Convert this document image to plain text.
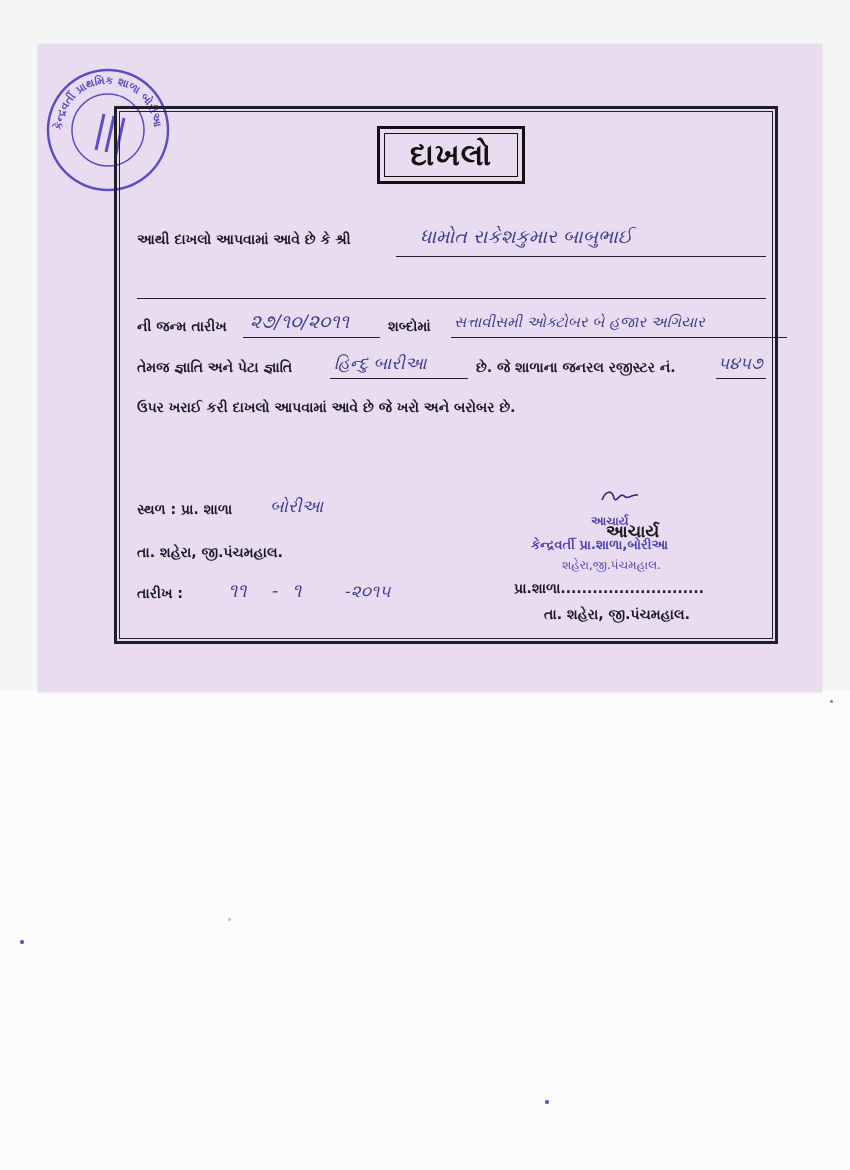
કેન્દ્રવર્તી પ્રાથમિક શાળા બોરીઆ
દાખલો
આથી દાખલો આપવામાં આવે છે કે શ્રી	ધામોત રાકેશકુમાર બાબુભાઈ
ની જન્મ તારીખ ૨૭/૧૦/૨૦૧૧	શબ્દોમાં સત્તાવીસમી ઓક્ટોબર બે હજાર અગિયાર
તેમજ જ્ઞાતિ અને પેટા જ્ઞાતિ હિન્દુ બારીઆ	છે. જે શાળાના જનરલ રજીસ્ટર નં. ૫૪૫૭
ઉપર ખરાઈ કરી દાખલો આપવામાં આવે છે જે ખરો અને બરોબર છે.
સ્થળ : પ્રા. શાળા બોરીઆ
તા. શહેરા, જી.પંચમહાલ.
તારીખ : ૧૧ - ૧	-૨૦૧૫
આચાર્ય
આચાર્ય
કેન્દ્રવર્તી પ્રા.શાળા,બોરીઆ
શહેરા,જી.પંચમહાલ.
પ્રા.શાળા...........................
તા. શહેરા, જી.પંચમહાલ.
